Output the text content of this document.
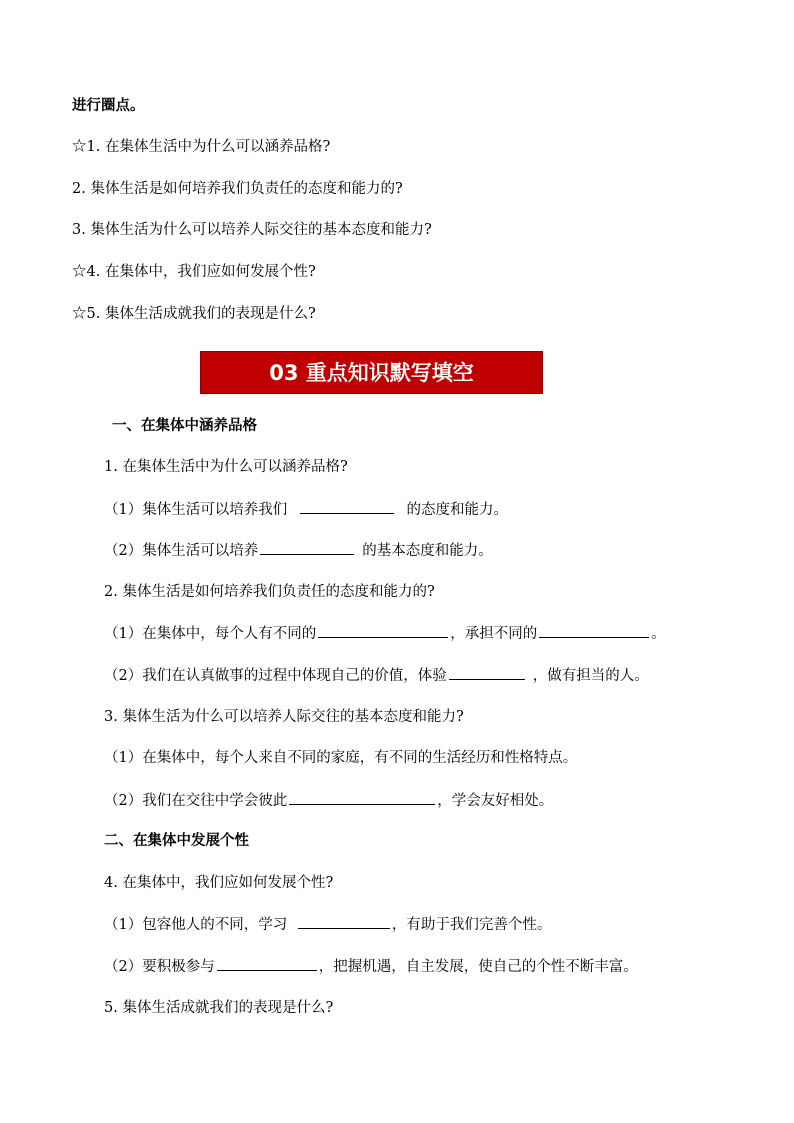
进行圈点。
☆1. 在集体生活中为什么可以涵养品格?
2. 集体生活是如何培养我们负责任的态度和能力的?
3. 集体生活为什么可以培养人际交往的基本态度和能力?
☆4. 在集体中，我们应如何发展个性?
☆5. 集体生活成就我们的表现是什么?
03 重点知识默写填空
一、在集体中涵养品格
1. 在集体生活中为什么可以涵养品格?
（1）集体生活可以培养我们	的态度和能力。
（2）集体生活可以培养	的基本态度和能力。
2. 集体生活是如何培养我们负责任的态度和能力的?
（1）在集体中，每个人有不同的	，承担不同的	。
（2）我们在认真做事的过程中体现自己的价值，体验	，做有担当的人。
3. 集体生活为什么可以培养人际交往的基本态度和能力?
（1）在集体中，每个人来自不同的家庭，有不同的生活经历和性格特点。
（2）我们在交往中学会彼此	，学会友好相处。
二、在集体中发展个性
4. 在集体中，我们应如何发展个性?
（1）包容他人的不同，学习	，有助于我们完善个性。
（2）要积极参与	，把握机遇，自主发展，使自己的个性不断丰富。
5. 集体生活成就我们的表现是什么?
